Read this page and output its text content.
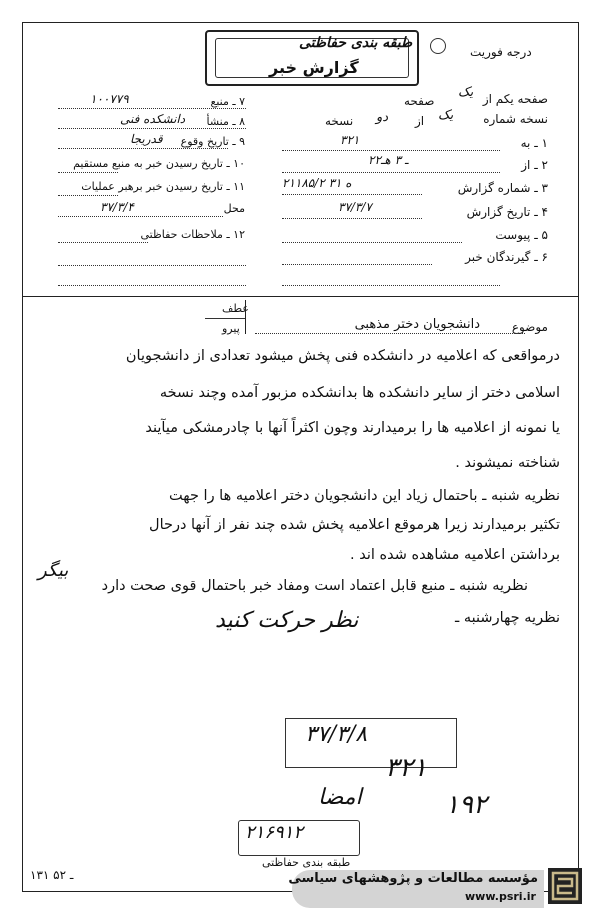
طبقه بندی حفاظتی
گزارش خبر
درجه فوریت
۷ ـ منبع
۱۰۰۷۷۹
۸ ـ منشأ
دانشکده فنی
۹ ـ تاریخ وقوع
قدریجا
۱۰ ـ تاریخ رسیدن خبر به منبع مستقیم
۱۱ ـ تاریخ رسیدن خبر برهبر عملیات
محل
۳۷/۳/۴
۱۲ ـ ملاحظات حفاظتی
صفحه یکم از
یک
صفحه
نسخه شماره
یک
از
دو
نسخه
۱ ـ به
۳۲۱
۲ ـ از
۲ـ ۳ هـ۲
۳ ـ شماره گزارش
۲۱۱۸۵/۲ ه ۳۱
۴ ـ تاریخ گزارش
۳۷/۳/۷
۵ ـ پیوست
۶ ـ گیرندگان خبر
عطف
پیرو	موضوع
دانشجویان دختر مذهبی
درمواقعی که اعلامیه در دانشکده فنی پخش میشود تعدادی از دانشجویان
اسلامی دختر از سایر دانشکده ها بدانشکده مزبور آمده وچند نسخه
یا نمونه از اعلامیه ها را برمیدارند وچون اکثراً آنها با چادرمشکی میآیند
شناخته نمیشوند .
نظریه شنبه ـ باحتمال زیاد این دانشجویان دختر اعلامیه ها را جهت
تکثیر برمیدارند زیرا هرموقع اعلامیه پخش شده چند نفر از آنها درحال
برداشتن اعلامیه مشاهده شده اند .
نظریه شنبه ـ منبع قابل اعتماد است ومفاد خبر باحتمال قوی صحت دارد
نظریه چهارشنبه ـ
بیگر
نظر حرکت کنید
۳۷/۳/۸
۳۲۱
۱۹۲
امضا
۲۱۶۹۱۲
طبقه بندی حفاظتی
۱۳۱ ـ ۵۲	مؤسسه مطالعات و پژوهشهای سیاسی
www.psri.ir
